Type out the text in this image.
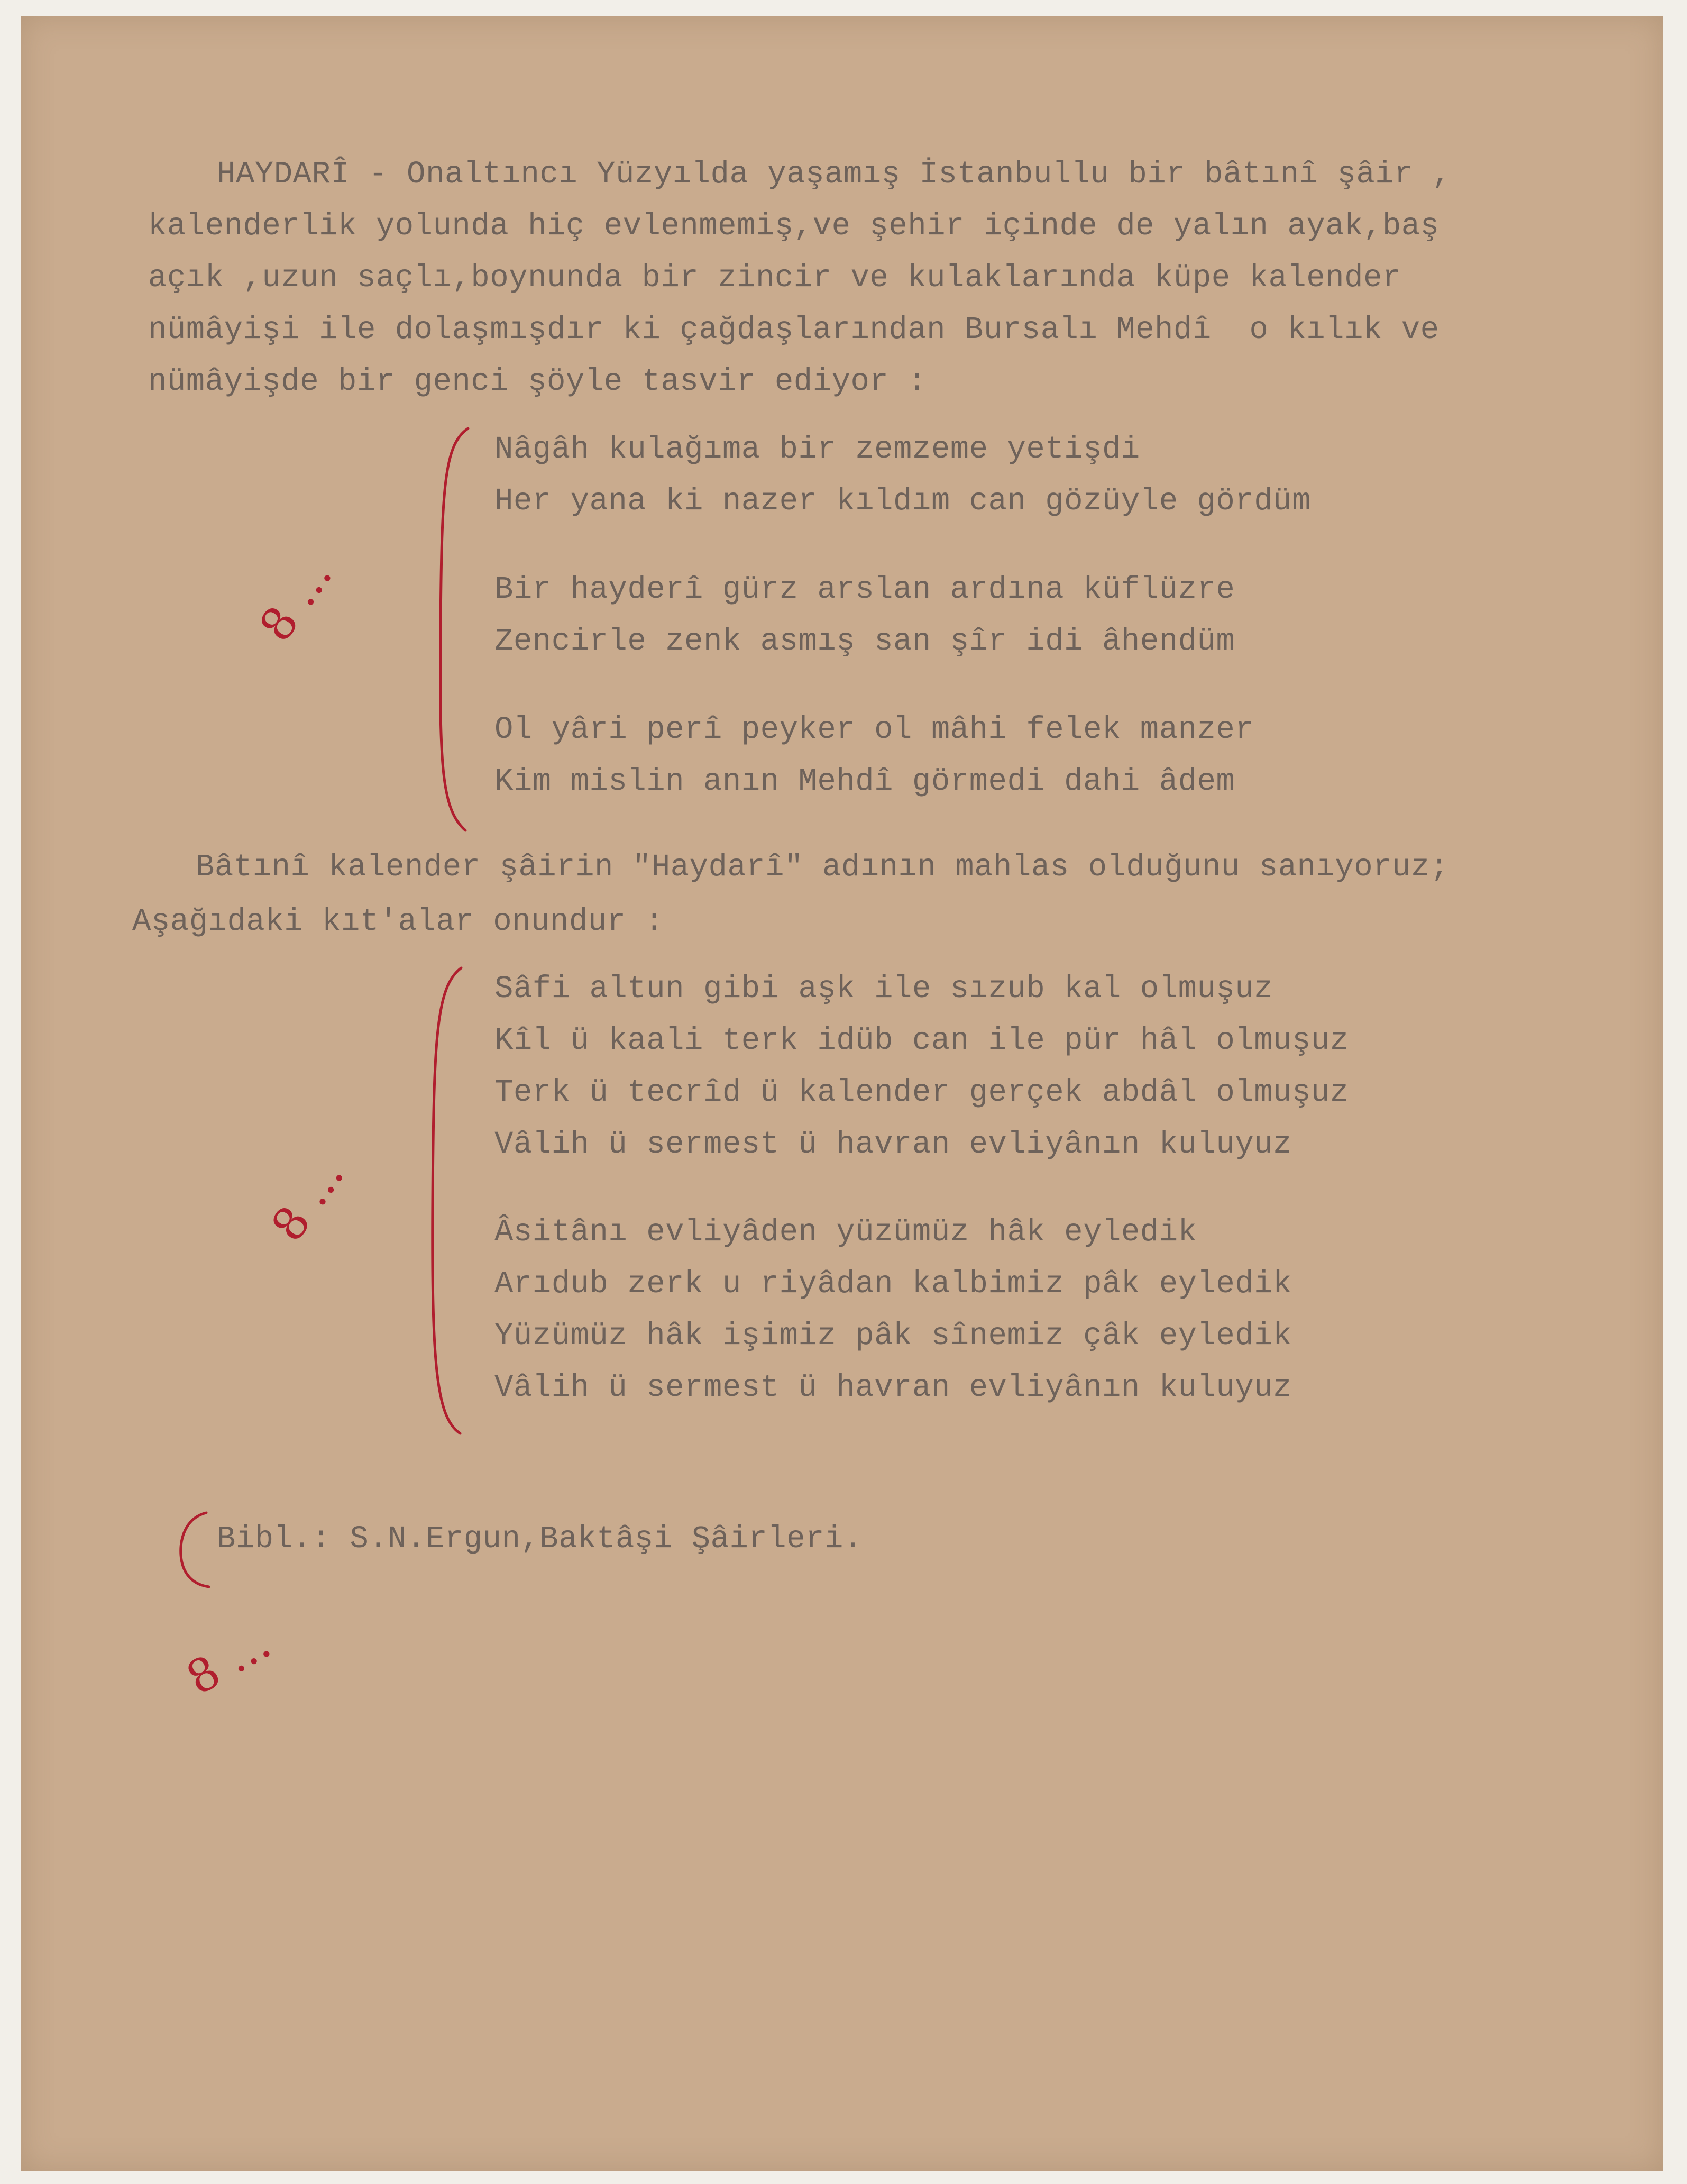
HAYDARÎ - Onaltıncı Yüzyılda yaşamış İstanbullu bir bâtınî şâir ,
kalenderlik yolunda hiç evlenmemiş,ve şehir içinde de yalın ayak,baş
açık ,uzun saçlı,boynunda bir zincir ve kulaklarında küpe kalender
nümâyişi ile dolaşmışdır ki çağdaşlarından Bursalı Mehdî  o kılık ve
nümâyişde bir genci şöyle tasvir ediyor :
Nâgâh kulağıma bir zemzeme yetişdi
Her yana ki nazer kıldım can gözüyle gördüm
Bir hayderî gürz arslan ardına küflüzre
Zencirle zenk asmış san şîr idi âhendüm
Ol yâri perî peyker ol mâhi felek manzer
Kim mislin anın Mehdî görmedi dahi âdem
Bâtınî kalender şâirin "Haydarî" adının mahlas olduğunu sanıyoruz;
Aşağıdaki kıt'alar onundur :
Sâfi altun gibi aşk ile sızub kal olmuşuz
Kîl ü kaali terk idüb can ile pür hâl olmuşuz
Terk ü tecrîd ü kalender gerçek abdâl olmuşuz
Vâlih ü sermest ü havran evliyânın kuluyuz
Âsitânı evliyâden yüzümüz hâk eyledik
Arıdub zerk u riyâdan kalbimiz pâk eyledik
Yüzümüz hâk işimiz pâk sînemiz çâk eyledik
Vâlih ü sermest ü havran evliyânın kuluyuz
Bibl.: S.N.Ergun,Baktâşi Şâirleri.
8 ...
8 ...
8 ...
